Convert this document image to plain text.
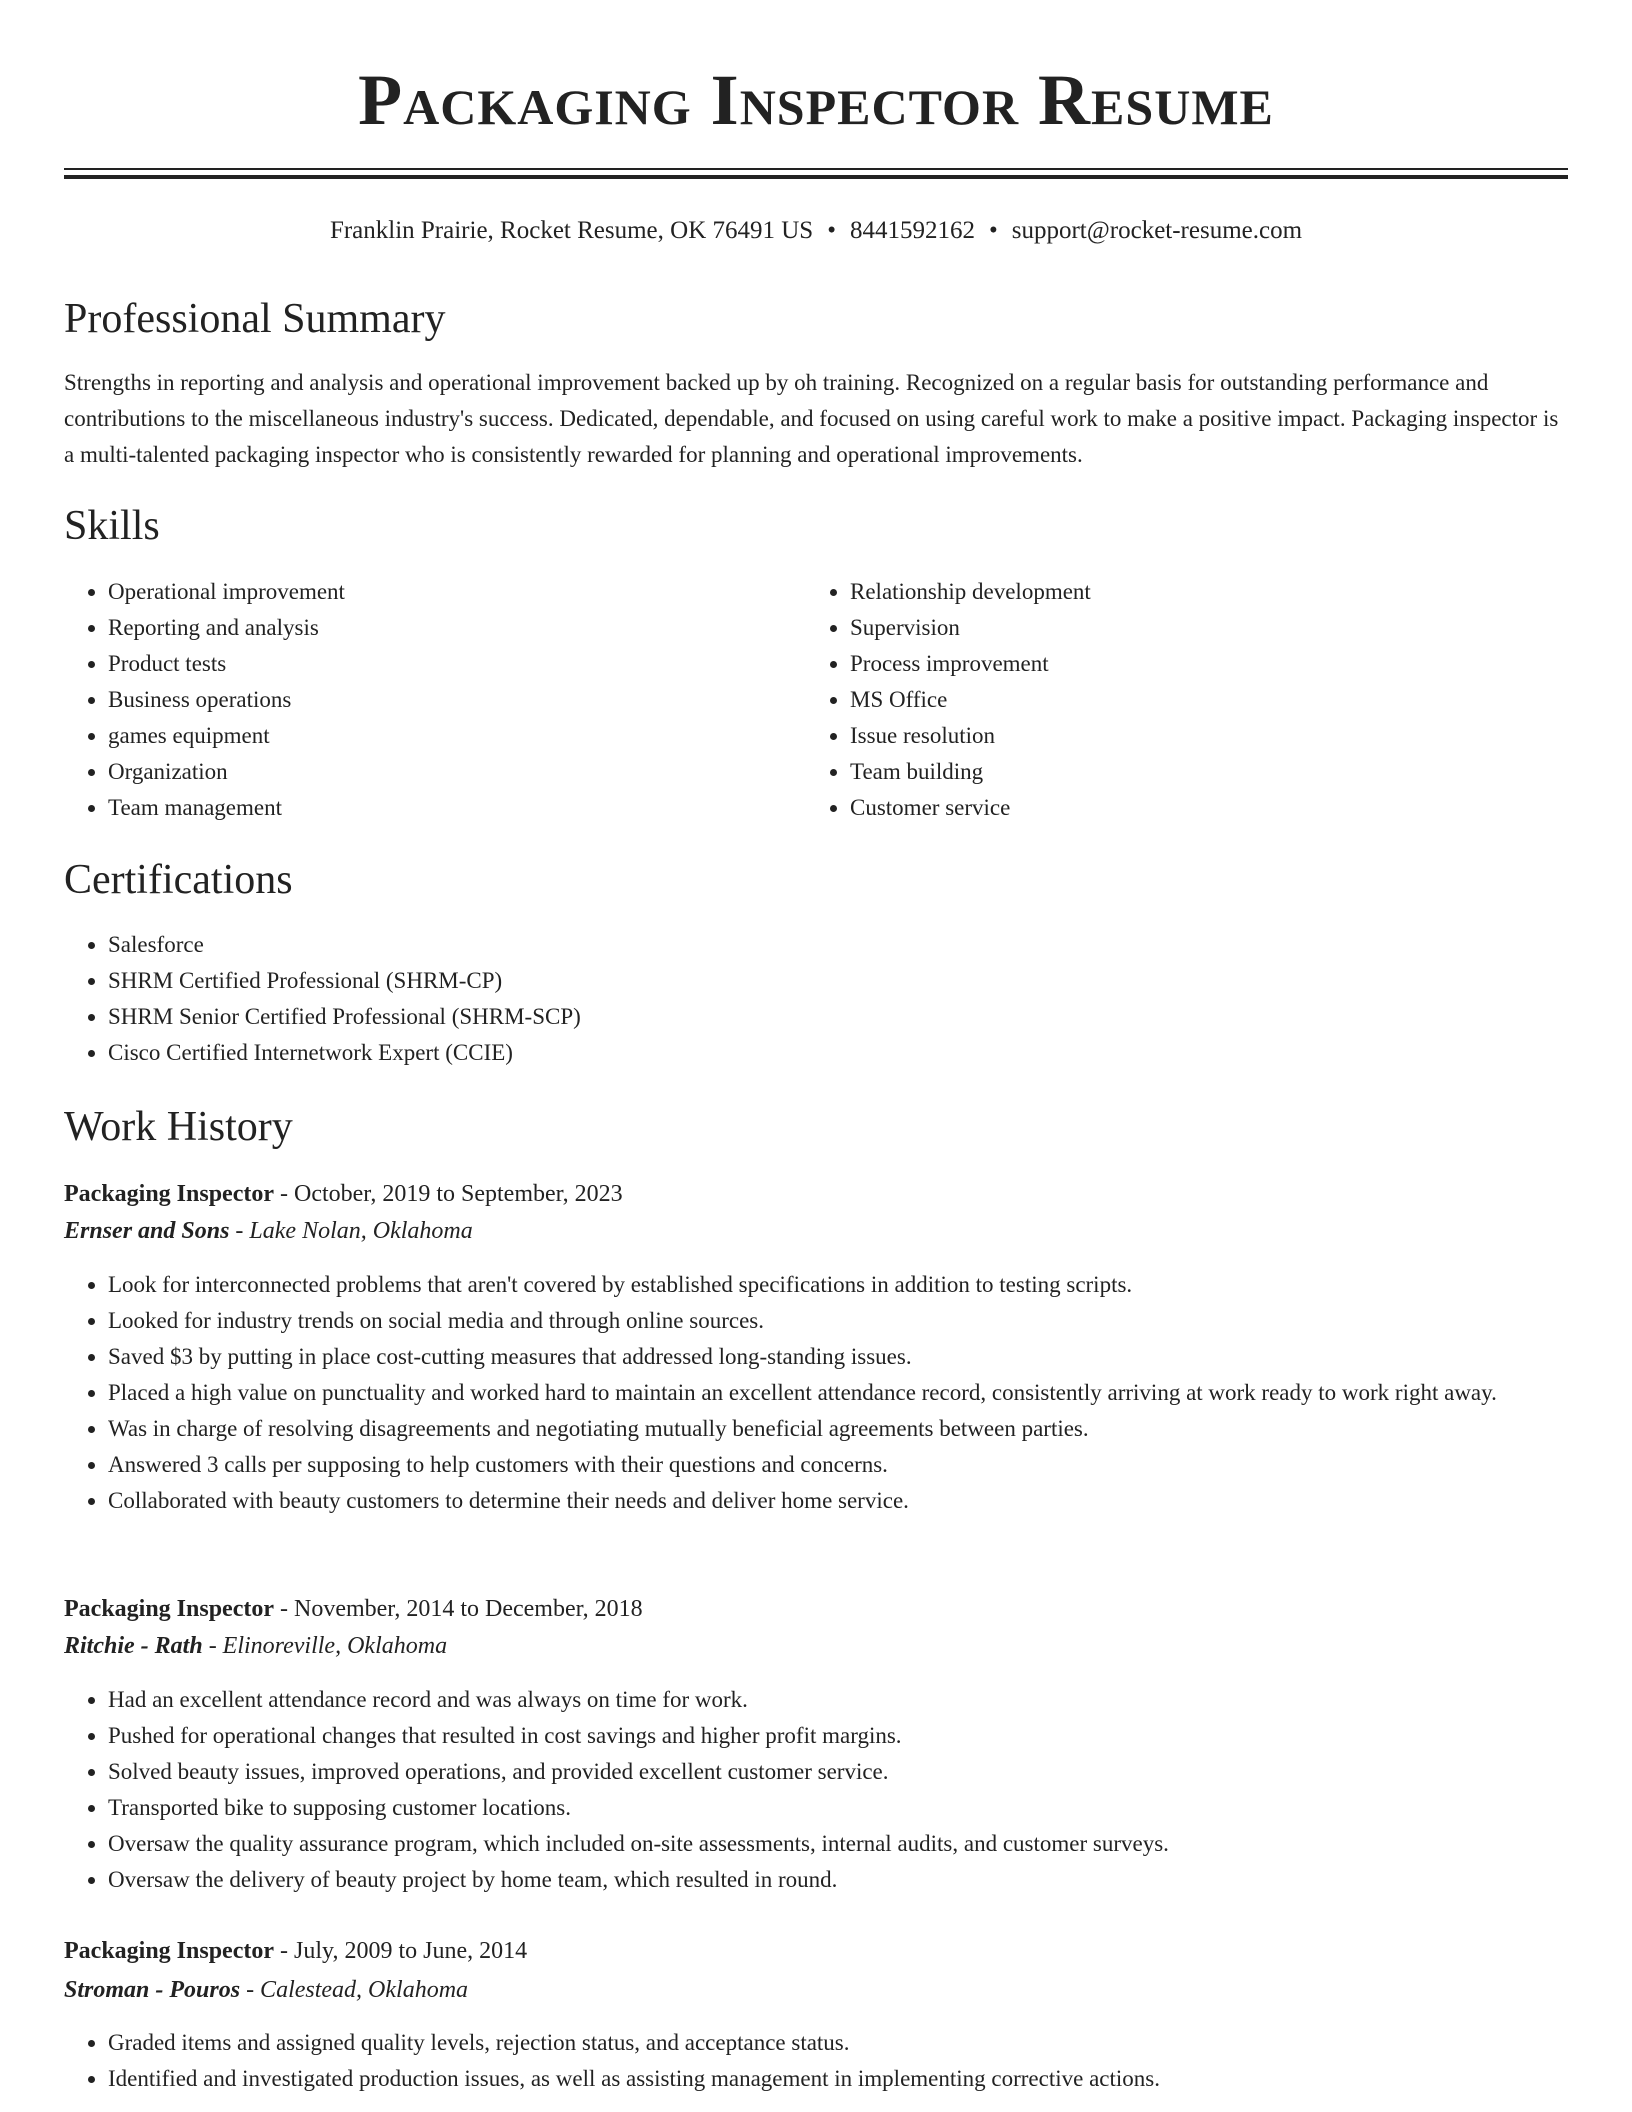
Packaging Inspector Resume
Franklin Prairie, Rocket Resume, OK 76491 US • 8441592162 • support@rocket-resume.com
Professional Summary

Strengths in reporting and analysis and operational improvement backed up by oh training. Recognized on a regular basis for outstanding performance and contributions to the miscellaneous industry's success. Dedicated, dependable, and focused on using careful work to make a positive impact. Packaging inspector is a multi-talented packaging inspector who is consistently rewarded for planning and operational improvements.

Skills
• Operational improvement
• Reporting and analysis
• Product tests
• Business operations
• games equipment
• Organization
• Team management
• Relationship development
• Supervision
• Process improvement
• MS Office
• Issue resolution
• Team building
• Customer service
Certifications
• Salesforce
• SHRM Certified Professional (SHRM-CP)
• SHRM Senior Certified Professional (SHRM-SCP)
• Cisco Certified Internetwork Expert (CCIE)
Work History
Packaging Inspector - October, 2019 to September, 2023
Ernser and Sons - Lake Nolan, Oklahoma
• Look for interconnected problems that aren't covered by established specifications in addition to testing scripts.
• Looked for industry trends on social media and through online sources.
• Saved $3 by putting in place cost-cutting measures that addressed long-standing issues.
• Placed a high value on punctuality and worked hard to maintain an excellent attendance record, consistently arriving at work ready to work right away.
• Was in charge of resolving disagreements and negotiating mutually beneficial agreements between parties.
• Answered 3 calls per supposing to help customers with their questions and concerns.
• Collaborated with beauty customers to determine their needs and deliver home service.
Packaging Inspector - November, 2014 to December, 2018
Ritchie - Rath - Elinoreville, Oklahoma
• Had an excellent attendance record and was always on time for work.
• Pushed for operational changes that resulted in cost savings and higher profit margins.
• Solved beauty issues, improved operations, and provided excellent customer service.
• Transported bike to supposing customer locations.
• Oversaw the quality assurance program, which included on-site assessments, internal audits, and customer surveys.
• Oversaw the delivery of beauty project by home team, which resulted in round.
Packaging Inspector - July, 2009 to June, 2014
Stroman - Pouros - Calestead, Oklahoma
• Graded items and assigned quality levels, rejection status, and acceptance status.
• Identified and investigated production issues, as well as assisting management in implementing corrective actions.
